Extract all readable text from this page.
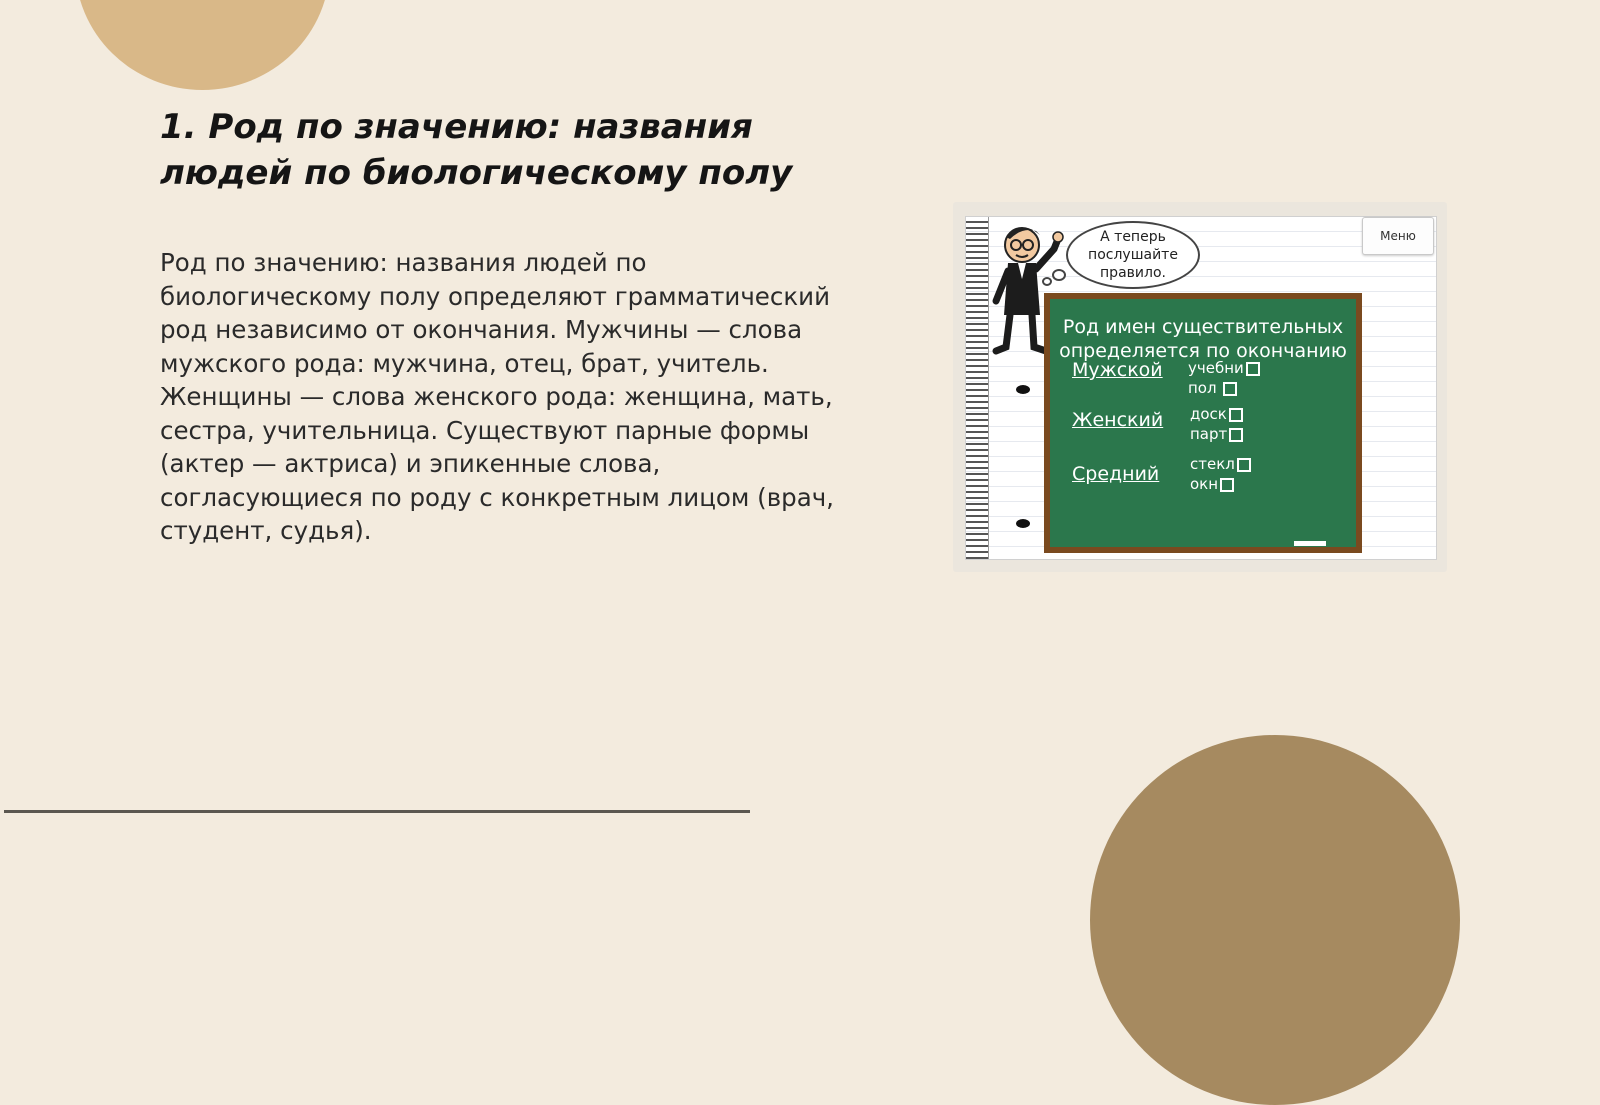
1. Род по значению: названия людей по биологическому полу

Род по значению: названия людей по биологическому полу определяют грамматический род независимо от окончания. Мужчины — слова мужского рода: мужчина, отец, брат, учитель. Женщины — слова женского рода: женщина, мать, сестра, учительница. Существуют парные формы (актер — актриса) и эпикенные слова, согласующиеся по роду с конкретным лицом (врач, студент, судья).

А теперь послушайте правило.
Меню
Род имен существительных
определяется по окончанию
Мужской учебни
пол
Женский доск
парт
Средний стекл
окн
